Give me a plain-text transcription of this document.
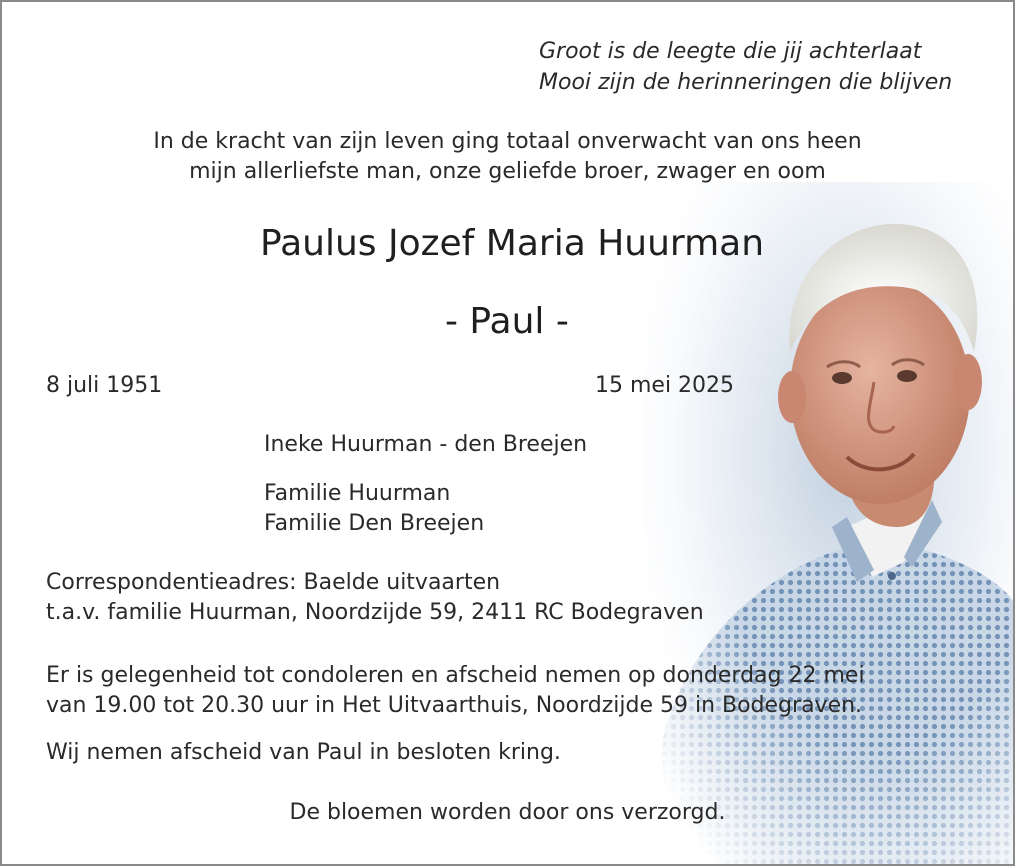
Groot is de leegte die jij achterlaat
Mooi zijn de herinneringen die blijven
In de kracht van zijn leven ging totaal onverwacht van ons heen
mijn allerliefste man, onze geliefde broer, zwager en oom
Paulus Jozef Maria Huurman
- Paul -
8 juli 1951	15 mei 2025
Ineke Huurman - den Breejen
Familie Huurman
Familie Den Breejen
Correspondentieadres: Baelde uitvaarten
t.a.v. familie Huurman, Noordzijde 59, 2411 RC Bodegraven
Er is gelegenheid tot condoleren en afscheid nemen op donderdag 22 mei
van 19.00 tot 20.30 uur in Het Uitvaarthuis, Noordzijde 59 in Bodegraven.
Wij nemen afscheid van Paul in besloten kring.
De bloemen worden door ons verzorgd.
